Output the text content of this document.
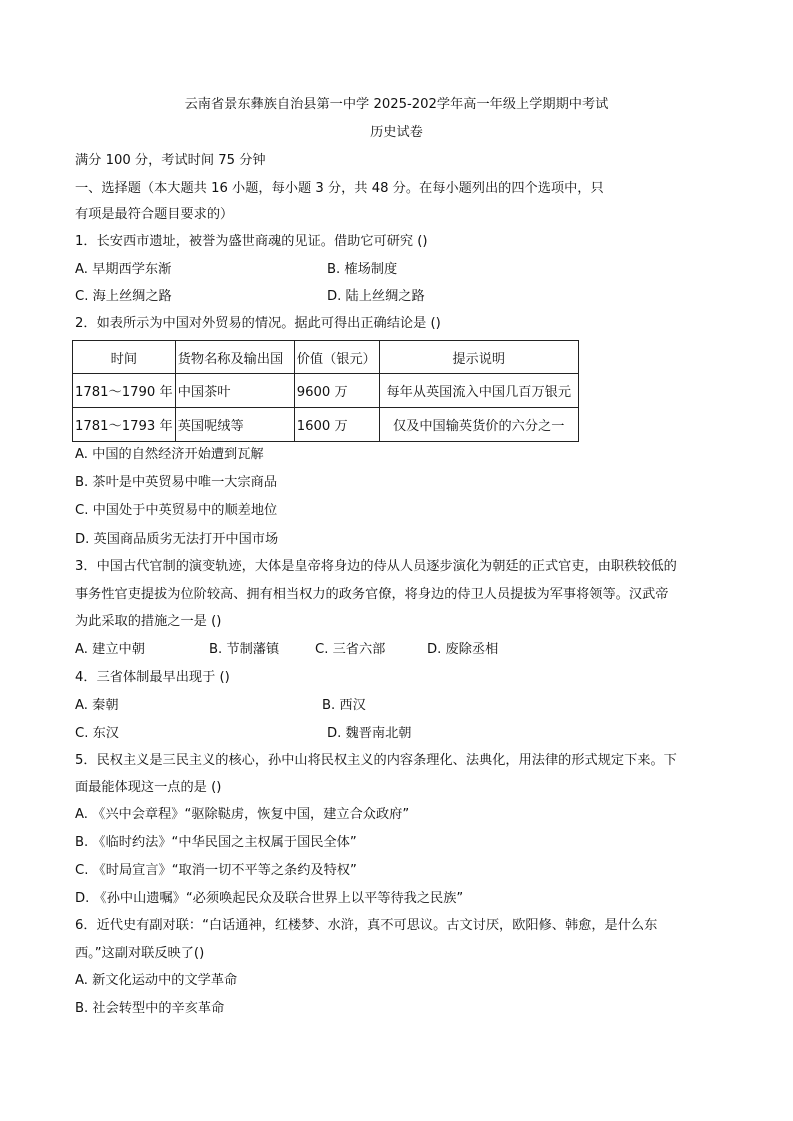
云南省景东彝族自治县第一中学 2025-202学年高一年级上学期期中考试

历史试卷

满分 100 分，考试时间 75 分钟

一、选择题（本大题共 16 小题，每小题 3 分，共 48 分。在每小题列出的四个选项中，只

有项是最符合题目要求的）

1．长安西市遗址，被誉为盛世商魂的见证。借助它可研究 ()

A. 早期西学东渐	B. 榷场制度
C. 海上丝绸之路	D. 陆上丝绸之路

2．如表所示为中国对外贸易的情况。据此可得出正确结论是 ()

时间	货物名称及输出国	价值（银元）	提示说明
1781～1790 年	中国茶叶	9600 万	每年从英国流入中国几百万银元
1781～1793 年	英国呢绒等	1600 万	仅及中国输英货价的六分之一

A. 中国的自然经济开始遭到瓦解

B. 茶叶是中英贸易中唯一大宗商品

C. 中国处于中英贸易中的顺差地位

D. 英国商品质劣无法打开中国市场

3．中国古代官制的演变轨迹，大体是皇帝将身边的侍从人员逐步演化为朝廷的正式官吏，由职秩较低的

事务性官吏提拔为位阶较高、拥有相当权力的政务官僚，将身边的侍卫人员提拔为军事将领等。汉武帝

为此采取的措施之一是 ()

A. 建立中朝	B. 节制藩镇	C. 三省六部	D. 废除丞相

4．三省体制最早出现于 ()

A. 秦朝	B. 西汉
C. 东汉	D. 魏晋南北朝

5．民权主义是三民主义的核心，孙中山将民权主义的内容条理化、法典化，用法律的形式规定下来。下

面最能体现这一点的是 ()

A. 《兴中会章程》“驱除鞑虏，恢复中国，建立合众政府”

B. 《临时约法》“中华民国之主权属于国民全体”

C. 《时局宣言》“取消一切不平等之条约及特权”

D. 《孙中山遗嘱》“必须唤起民众及联合世界上以平等待我之民族”

6．近代史有副对联：“白话通神，红楼梦、水浒，真不可思议。古文讨厌，欧阳修、韩愈，是什么东

西。”这副对联反映了()

A. 新文化运动中的文学革命

B. 社会转型中的辛亥革命
